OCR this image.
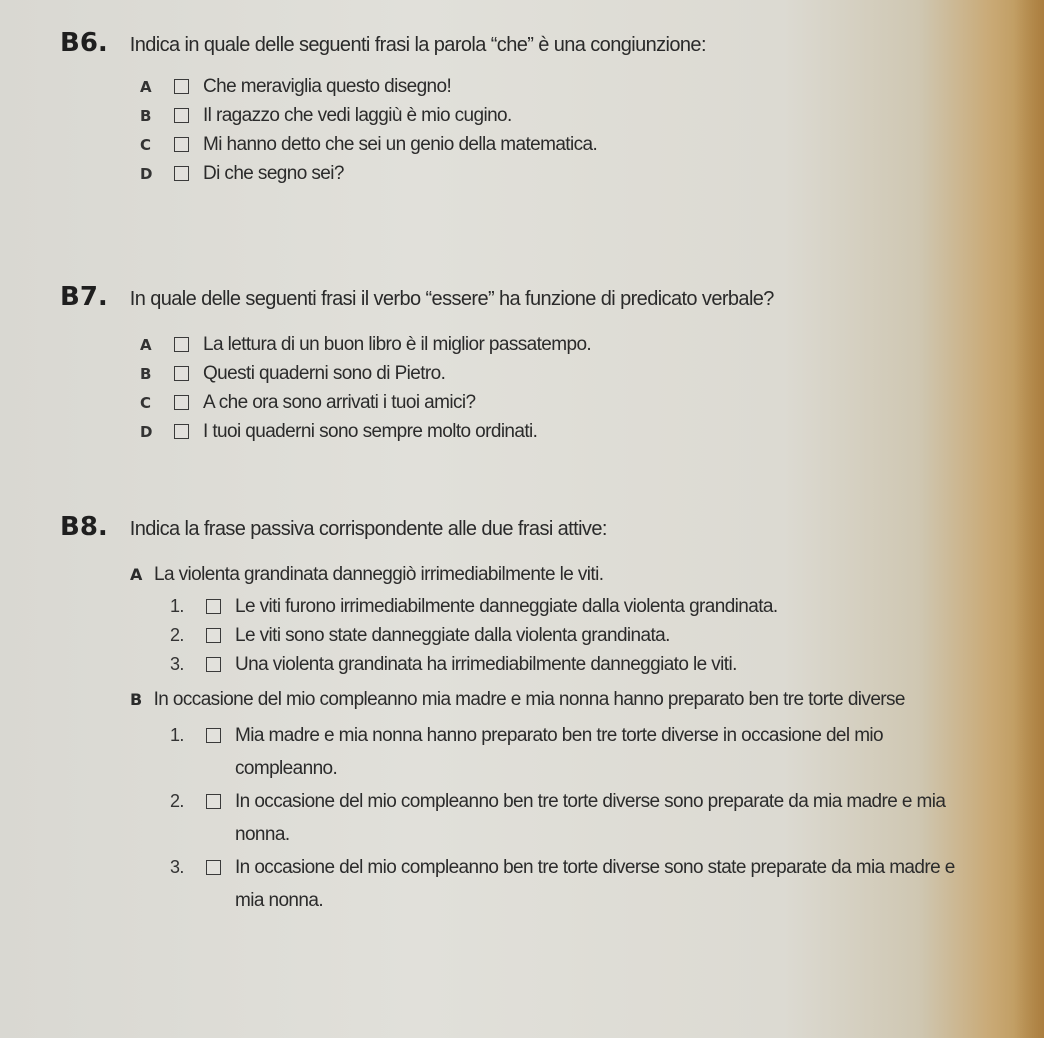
B6. Indica in quale delle seguenti frasi la parola “che” è una congiunzione:
A	Che meraviglia questo disegno!
B	Il ragazzo che vedi laggiù è mio cugino.
C	Mi hanno detto che sei un genio della matematica.
D	Di che segno sei?
B7. In quale delle seguenti frasi il verbo “essere” ha funzione di predicato verbale?
A	La lettura di un buon libro è il miglior passatempo.
B	Questi quaderni sono di Pietro.
C	A che ora sono arrivati i tuoi amici?
D	I tuoi quaderni sono sempre molto ordinati.
B8. Indica la frase passiva corrispondente alle due frasi attive:
A La violenta grandinata danneggiò irrimediabilmente le viti.
1.	Le viti furono irrimediabilmente danneggiate dalla violenta grandinata.
2.	Le viti sono state danneggiate dalla violenta grandinata.
3.	Una violenta grandinata ha irrimediabilmente danneggiato le viti.
B In occasione del mio compleanno mia madre e mia nonna hanno preparato ben tre torte diverse
1.	Mia madre e mia nonna hanno preparato ben tre torte diverse in occasione del mio compleanno.
2.	In occasione del mio compleanno ben tre torte diverse sono preparate da mia madre e mia nonna.
3.	In occasione del mio compleanno ben tre torte diverse sono state preparate da mia madre e mia nonna.
